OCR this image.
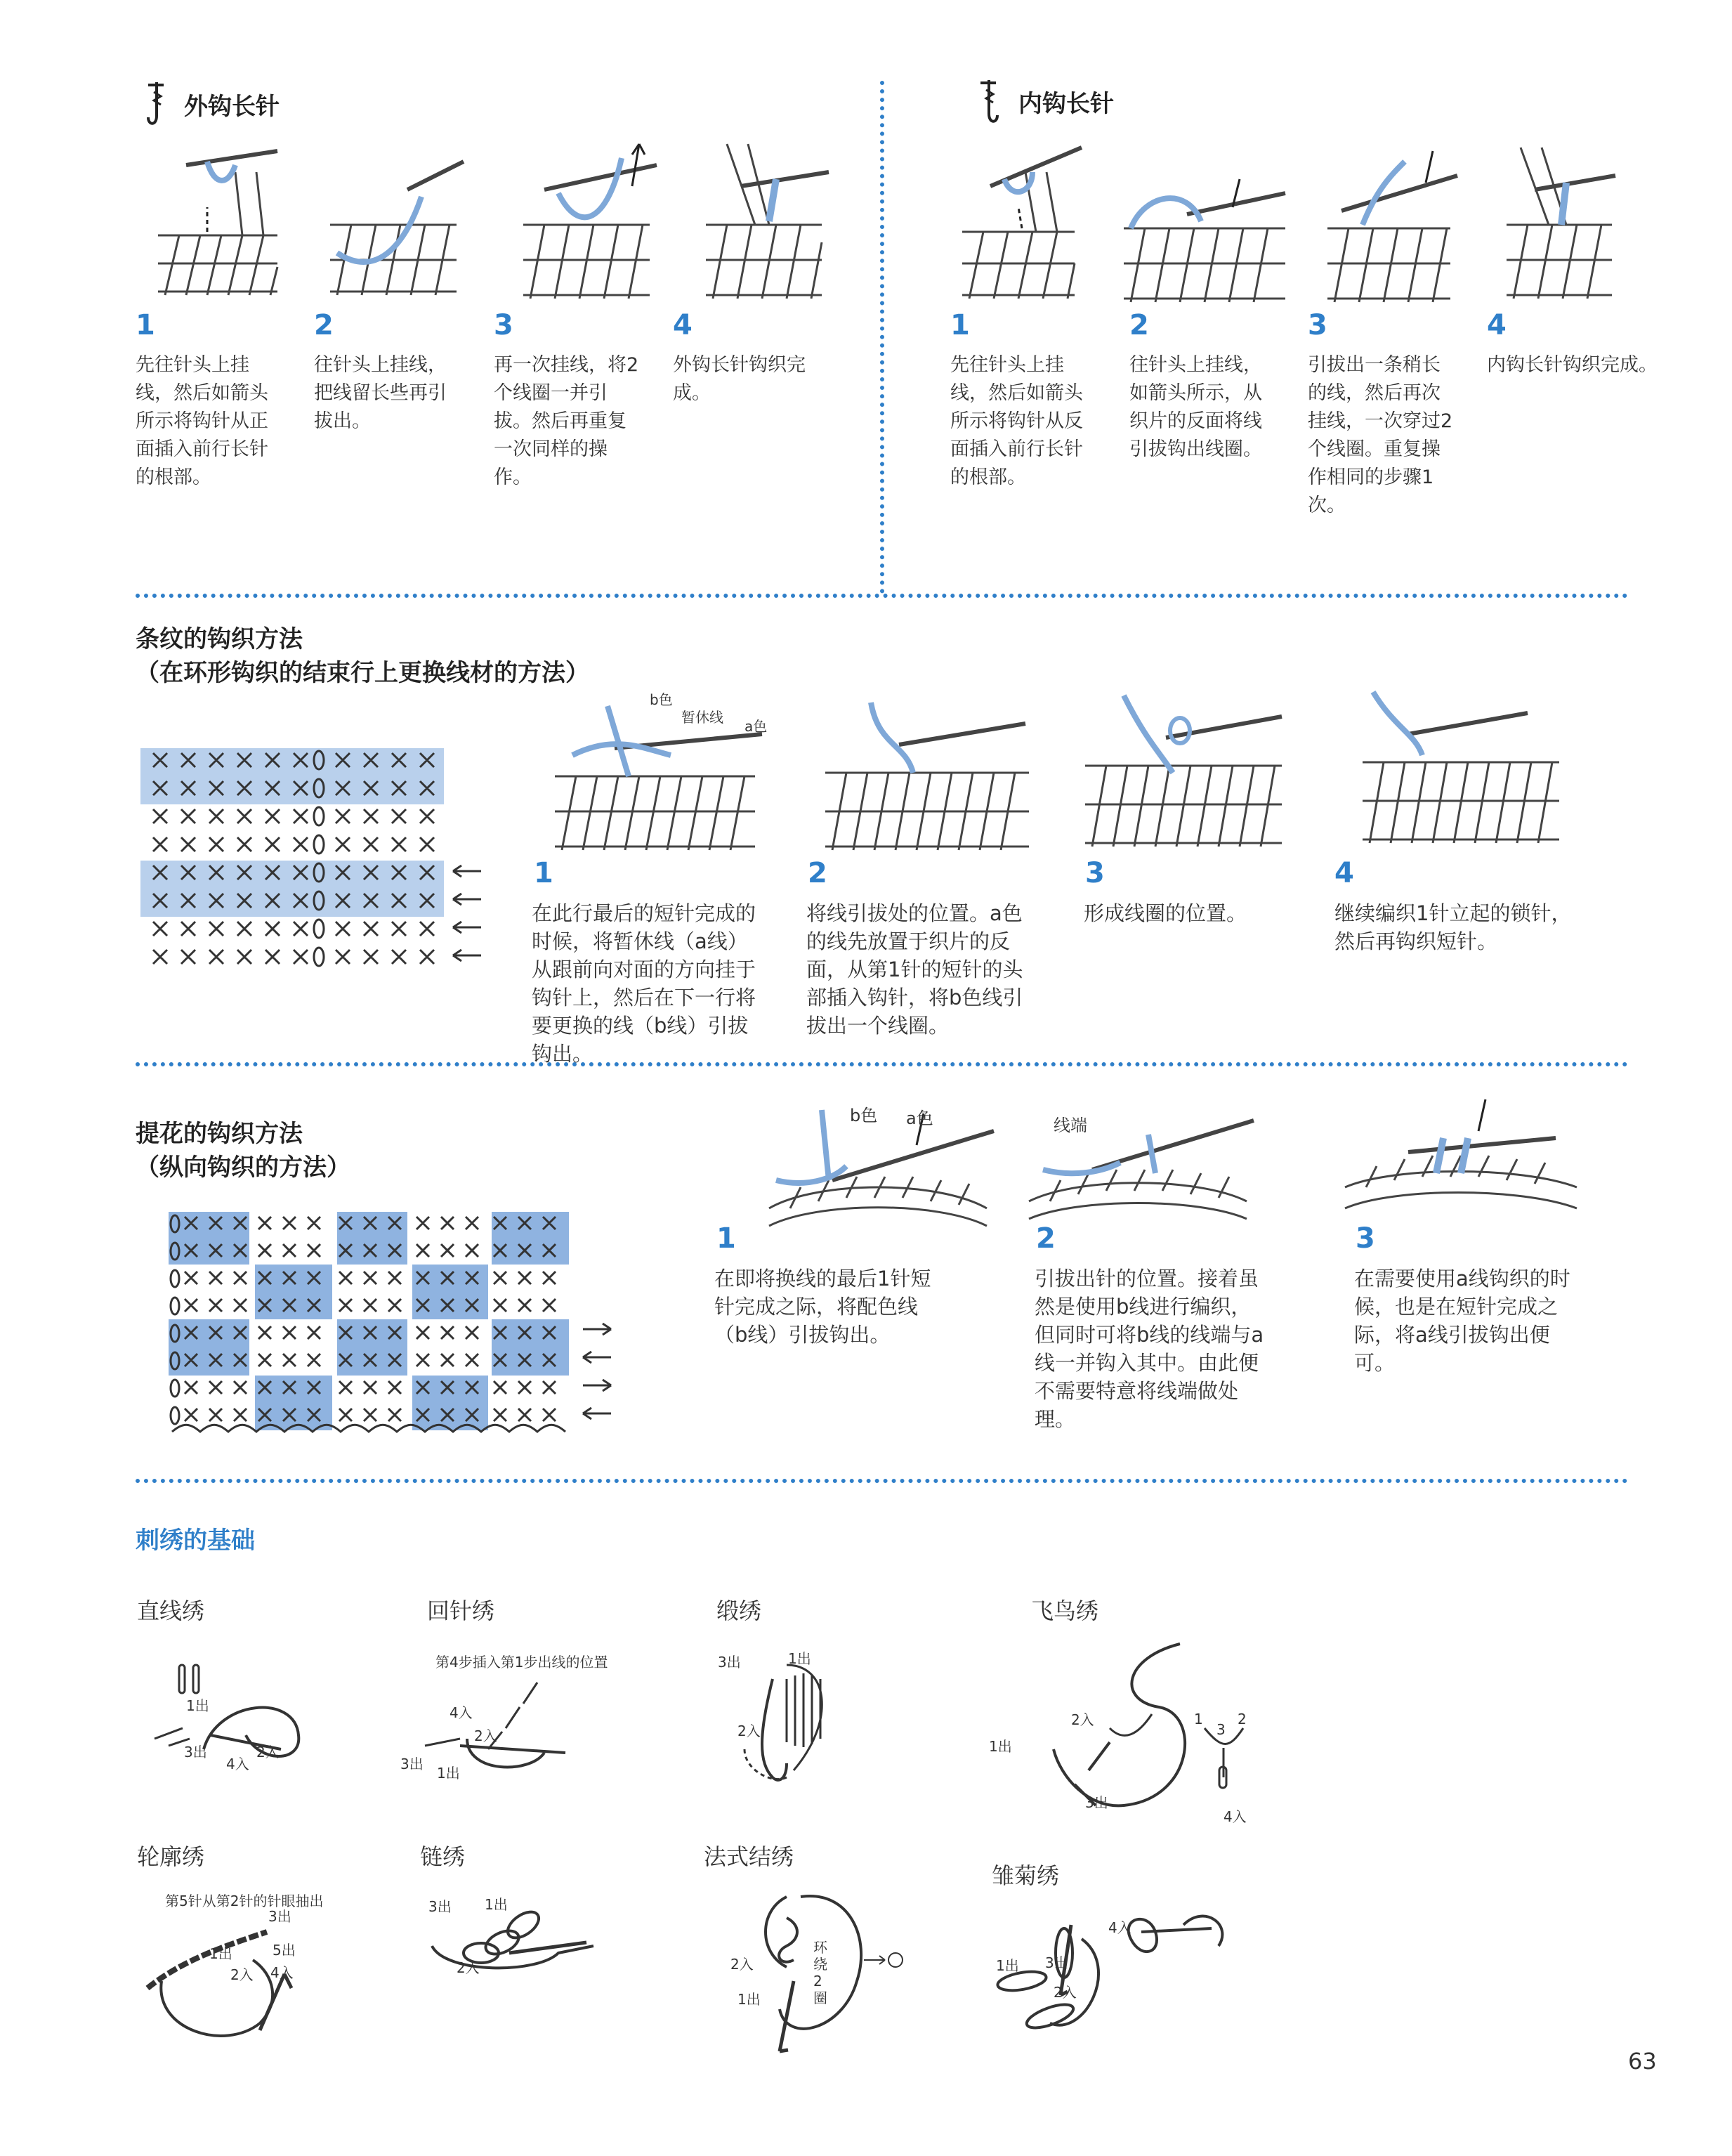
外钩长针	内钩长针
1
先往针头上挂线，然后如箭头所示将钩针从正面插入前行长针的根部。
2
往针头上挂线，把线留长些再引拔出。
3
再一次挂线，将2个线圈一并引拔。然后再重复一次同样的操作。
4
外钩长针钩织完成。
1
先往针头上挂线，然后如箭头所示将钩针从反面插入前行长针的根部。
2
往针头上挂线，如箭头所示，从织片的反面将线引拔钩出线圈。
3
引拔出一条稍长的线，然后再次挂线，一次穿过2个线圈。重复操作相同的步骤1次。
4
内钩长针钩织完成。
条纹的钩织方法
（在环形钩织的结束行上更换线材的方法）
b色
暂休线
a色
1
在此行最后的短针完成的时候，将暂休线（a线）从跟前向对面的方向挂于钩针上，然后在下一行将要更换的线（b线）引拔钩出。
2
将线引拔处的位置。a色的线先放置于织片的反面，从第1针的短针的头部插入钩针，将b色线引拔出一个线圈。
3
形成线圈的位置。
4
继续编织1针立起的锁针，然后再钩织短针。
提花的钩织方法
（纵向钩织的方法）
b色 a色	线端
1
在即将换线的最后1针短针完成之际，将配色线（b线）引拔钩出。
2
引拔出针的位置。接着虽然是使用b线进行编织，但同时可将b线的线端与a线一并钩入其中。由此便不需要特意将线端做处理。
3
在需要使用a线钩织的时候，也是在短针完成之际，将a线引拔钩出便可。
刺绣的基础
直线绣	回针绣	缎绣	飞鸟绣
1出
3出
4入
2入
第4步插入第1步出线的位置
4入
2入
3出
1出
3出	1出
2入
2入
1出
3出
1
3
2
4入
轮廓绣	链绣	法式结绣
雏菊绣
第5针从第2针的针眼抽出
3出
1出	5出
2入 4入
3出 1出
2入	2入
1出
环绕2圈
4入
1出 3出
2入
63
